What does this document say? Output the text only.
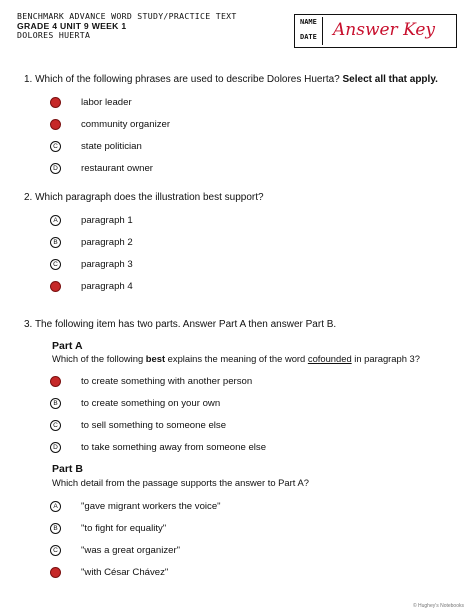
BENCHMARK ADVANCE WORD STUDY/PRACTICE TEXT
GRADE 4 UNIT 9 WEEK 1
DOLORES HUERTA
NAME
DATE Answer Key
1. Which of the following phrases are used to describe Dolores Huerta? Select all that apply.
labor leader
community organizer
C	state politician
D	restaurant owner
2. Which paragraph does the illustration best support?
A	paragraph 1
B	paragraph 2
C	paragraph 3
paragraph 4
3. The following item has two parts. Answer Part A then answer Part B.
Part A
Which of the following best explains the meaning of the word cofounded in paragraph 3?
to create something with another person
B	to create something on your own
C	to sell something to someone else
D	to take something away from someone else
Part B
Which detail from the passage supports the answer to Part A?
A	"gave migrant workers the voice"
B	"to fight for equality"
C	"was a great organizer"
"with César Chávez"
© Hughey's Notebooks
